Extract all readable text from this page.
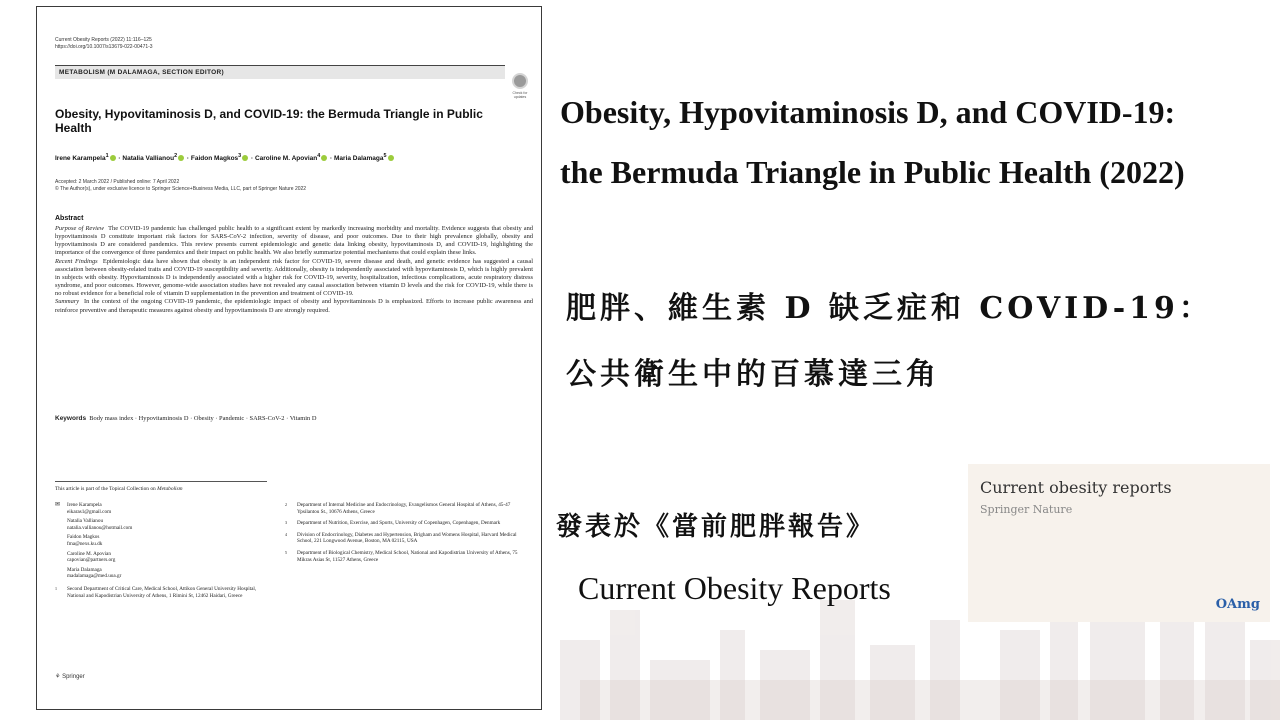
Current Obesity Reports (2022) 11:116–125
https://doi.org/10.1007/s13679-022-00471-3
METABOLISM (M DALAMAGA, SECTION EDITOR)
Check for updates
Obesity, Hypovitaminosis D, and COVID-19: the Bermuda Triangle in Public Health
Irene Karampela$^1$ · Natalia Vallianou$^2$ · Faidon Magkos$^3$ · Caroline M. Apovian$^4$ · Maria Dalamaga$^5$
Accepted: 2 March 2022 / Published online: 7 April 2022
© The Author(s), under exclusive licence to Springer Science+Business Media, LLC, part of Springer Nature 2022
Abstract
Purpose of Review The COVID-19 pandemic has challenged public health to a significant extent by markedly increasing morbidity and mortality. Evidence suggests that obesity and hypovitaminosis D constitute important risk factors for SARS-CoV-2 infection, severity of disease, and poor outcomes. Due to their high prevalence globally, obesity and hypovitaminosis D are considered pandemics. This review presents current epidemiologic and genetic data linking obesity, hypovitaminosis D, and COVID-19, highlighting the importance of the convergence of three pandemics and their impact on public health. We also briefly summarize potential mechanisms that could explain these links.
Recent Findings Epidemiologic data have shown that obesity is an independent risk factor for COVID-19, severe disease and death, and genetic evidence has suggested a causal association between obesity-related traits and COVID-19 susceptibility and severity. Additionally, obesity is independently associated with hypovitaminosis D, which is highly prevalent in subjects with obesity. Hypovitaminosis D is independently associated with a higher risk for COVID-19, severity, hospitalization, infectious complications, acute respiratory distress syndrome, and poor outcomes. However, genome-wide association studies have not revealed any causal association between vitamin D levels and the risk for COVID-19, while there is no robust evidence for a beneficial role of vitamin D supplementation in the prevention and treatment of COVID-19.
Summary In the context of the ongoing COVID-19 pandemic, the epidemiologic impact of obesity and hypovitaminosis D is emphasized. Efforts to increase public awareness and reinforce preventive and therapeutic measures against obesity and hypovitaminosis D are strongly required.
Keywords Body mass index · Hypovitaminosis D · Obesity · Pandemic · SARS-CoV-2 · Vitamin D
This article is part of the Topical Collection on Metabolism
✉ Irene Karampela
eikaras1@gmail.com
Natalia Vallianou
natalia.vallianou@hotmail.com
Faidon Magkos
fma@nexs.ku.dk
Caroline M. Apovian
capovian@partners.org
Maria Dalamaga
madalamaga@med.uoa.gr
1 Second Department of Critical Care, Medical School, Attikon General University Hospital, National and Kapodistrian University of Athens, 1 Rimini St, 12462 Haidari, Greece
2 Department of Internal Medicine and Endocrinology, Evangelismos General Hospital of Athens, 45-47 Ypsilantou St., 10676 Athens, Greece
3 Department of Nutrition, Exercise, and Sports, University of Copenhagen, Copenhagen, Denmark
4 Division of Endocrinology, Diabetes and Hypertension, Brigham and Womens Hospital, Harvard Medical School, 221 Longwood Avenue, Boston, MA 02115, USA
5 Department of Biological Chemistry, Medical School, National and Kapodistrian University of Athens, 75 Mikras Asias St, 11527 Athens, Greece
⚘ Springer
Obesity, Hypovitaminosis D, and COVID-19:
the Bermuda Triangle in Public Health (2022)
肥胖、維生素 D 缺乏症和 COVID-19：
公共衛生中的百慕達三角
發表於《當前肥胖報告》
Current Obesity Reports
Current obesity reports
Springer Nature
OAmg
